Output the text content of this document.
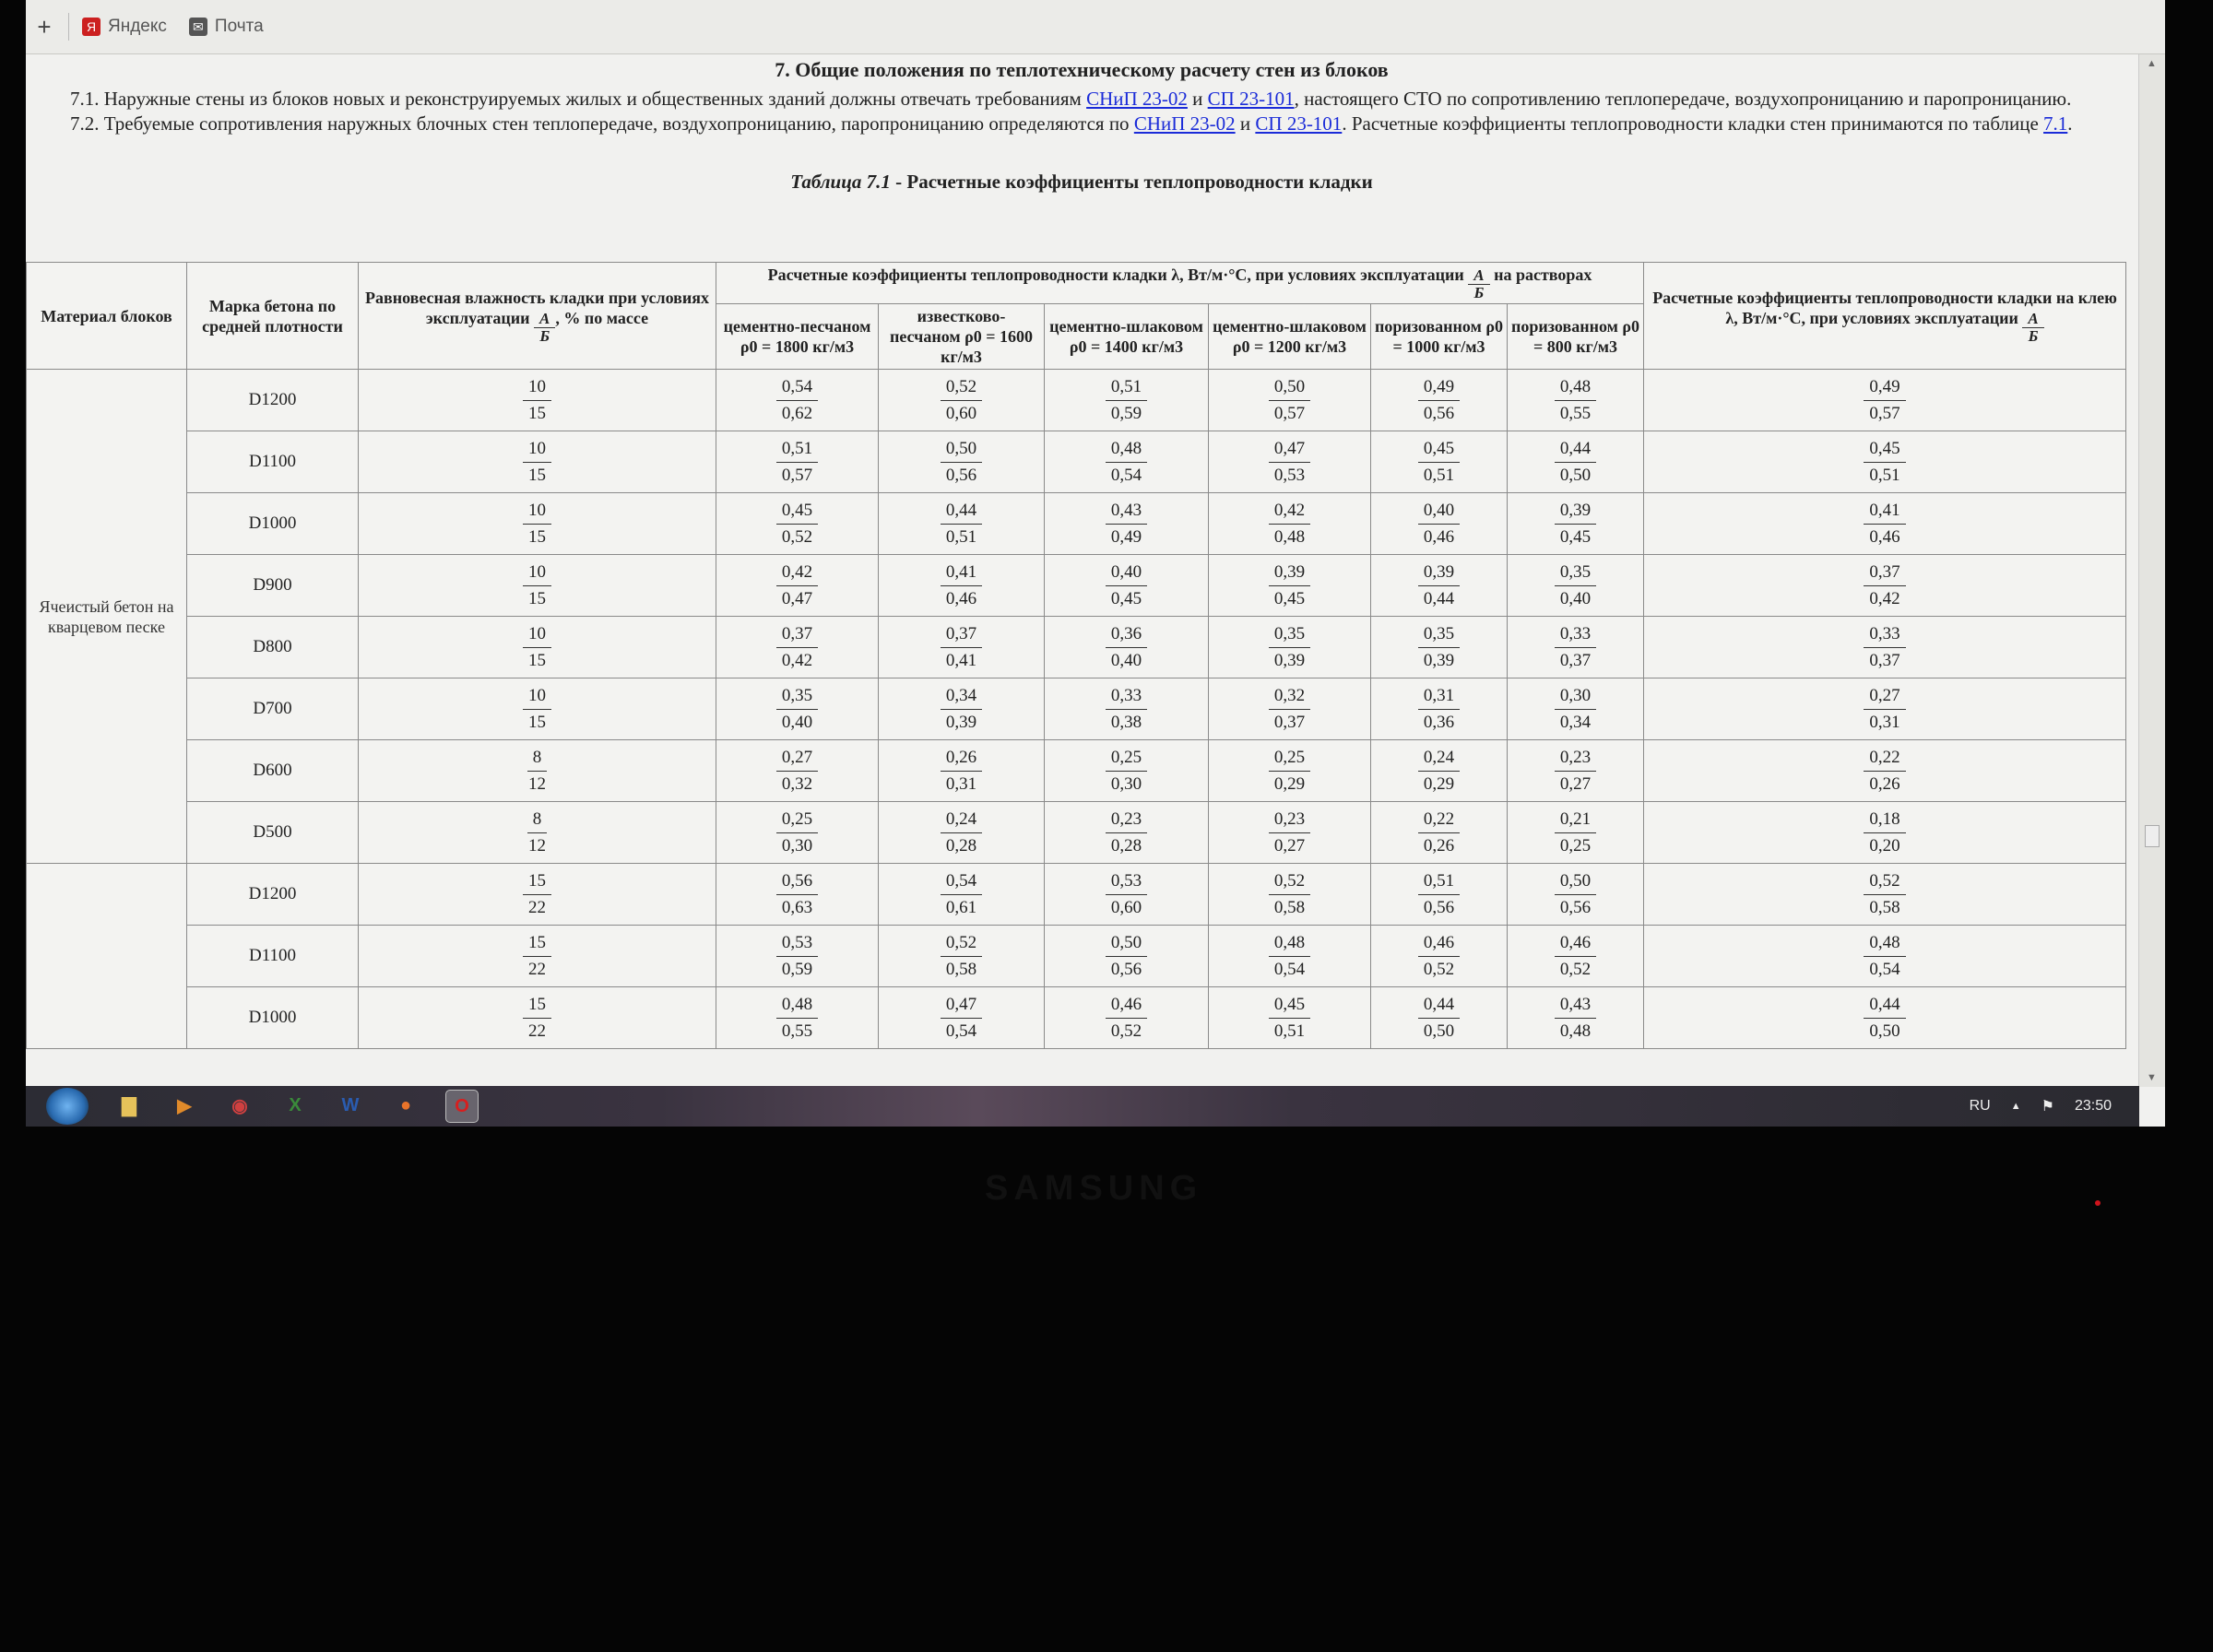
+	Я Яндекс ✉ Почта
7. Общие положения по теплотехническому расчету стен из блоков

7.1. Наружные стены из блоков новых и реконструируемых жилых и общественных зданий должны отвечать требованиям СНиП 23-02 и СП 23-101, настоящего СТО по сопротивлению теплопередаче, воздухопроницанию и паропроницанию.

7.2. Требуемые сопротивления наружных блочных стен теплопередаче, воздухопроницанию, паропроницанию определяются по СНиП 23-02 и СП 23-101. Расчетные коэффициенты теплопроводности кладки стен принимаются по таблице 7.1.

Таблица 7.1 - Расчетные коэффициенты теплопроводности кладки
Материал блоков	Марка бетона по средней плотности	Равновесная влажность кладки при условиях эксплуатации $\frac{А}{Б}$ , % по массе	Расчетные коэффициенты теплопроводности кладки λ, Вт/м·°С, при условиях эксплуатации $\frac{А}{Б}$ на растворах						Расчетные коэффициенты теплопроводности кладки на клею λ, Вт/м·°С, при условиях эксплуатации $\frac{А}{Б}$

			цементно-песчаном ρ0 = 1800 кг/м3	известково-песчаном ρ0 = 1600 кг/м3	цементно-шлаковом ρ0 = 1400 кг/м3	цементно-шлаковом ρ0 = 1200 кг/м3	поризованном ρ0 = 1000 кг/м3	поризованном ρ0 = 800 кг/м3	
Ячеистый бетон на кварцевом песке	D1200	$\frac{10}{15}$	$\frac{0,54}{0,62}$	$\frac{0,52}{0,60}$	$\frac{0,51}{0,59}$	$\frac{0,50}{0,57}$	$\frac{0,49}{0,56}$	$\frac{0,48}{0,55}$	$\frac{0,49}{0,57}$

	D1100	$\frac{10}{15}$	$\frac{0,51}{0,57}$	$\frac{0,50}{0,56}$	$\frac{0,48}{0,54}$	$\frac{0,47}{0,53}$	$\frac{0,45}{0,51}$	$\frac{0,44}{0,50}$	$\frac{0,45}{0,51}$

	D1000	$\frac{10}{15}$	$\frac{0,45}{0,52}$	$\frac{0,44}{0,51}$	$\frac{0,43}{0,49}$	$\frac{0,42}{0,48}$	$\frac{0,40}{0,46}$	$\frac{0,39}{0,45}$	$\frac{0,41}{0,46}$

	D900	$\frac{10}{15}$	$\frac{0,42}{0,47}$	$\frac{0,41}{0,46}$	$\frac{0,40}{0,45}$	$\frac{0,39}{0,45}$	$\frac{0,39}{0,44}$	$\frac{0,35}{0,40}$	$\frac{0,37}{0,42}$

	D800	$\frac{10}{15}$	$\frac{0,37}{0,42}$	$\frac{0,37}{0,41}$	$\frac{0,36}{0,40}$	$\frac{0,35}{0,39}$	$\frac{0,35}{0,39}$	$\frac{0,33}{0,37}$	$\frac{0,33}{0,37}$

	D700	$\frac{10}{15}$	$\frac{0,35}{0,40}$	$\frac{0,34}{0,39}$	$\frac{0,33}{0,38}$	$\frac{0,32}{0,37}$	$\frac{0,31}{0,36}$	$\frac{0,30}{0,34}$	$\frac{0,27}{0,31}$

	D600	$\frac{8}{12}$	$\frac{0,27}{0,32}$	$\frac{0,26}{0,31}$	$\frac{0,25}{0,30}$	$\frac{0,25}{0,29}$	$\frac{0,24}{0,29}$	$\frac{0,23}{0,27}$	$\frac{0,22}{0,26}$

	D500	$\frac{8}{12}$	$\frac{0,25}{0,30}$	$\frac{0,24}{0,28}$	$\frac{0,23}{0,28}$	$\frac{0,23}{0,27}$	$\frac{0,22}{0,26}$	$\frac{0,21}{0,25}$	$\frac{0,18}{0,20}$

	D1200	$\frac{15}{22}$	$\frac{0,56}{0,63}$	$\frac{0,54}{0,61}$	$\frac{0,53}{0,60}$	$\frac{0,52}{0,58}$	$\frac{0,51}{0,56}$	$\frac{0,50}{0,56}$	$\frac{0,52}{0,58}$

	D1100	$\frac{15}{22}$	$\frac{0,53}{0,59}$	$\frac{0,52}{0,58}$	$\frac{0,50}{0,56}$	$\frac{0,48}{0,54}$	$\frac{0,46}{0,52}$	$\frac{0,46}{0,52}$	$\frac{0,48}{0,54}$

	D1000	$\frac{15}{22}$	$\frac{0,48}{0,55}$	$\frac{0,47}{0,54}$	$\frac{0,46}{0,52}$	$\frac{0,45}{0,51}$	$\frac{0,44}{0,50}$	$\frac{0,43}{0,48}$	$\frac{0,44}{0,50}$
▲
▼
▇	▶	◉	X	W	●	O	RU ▲ ⚑ 23:50
SAMSUNG
